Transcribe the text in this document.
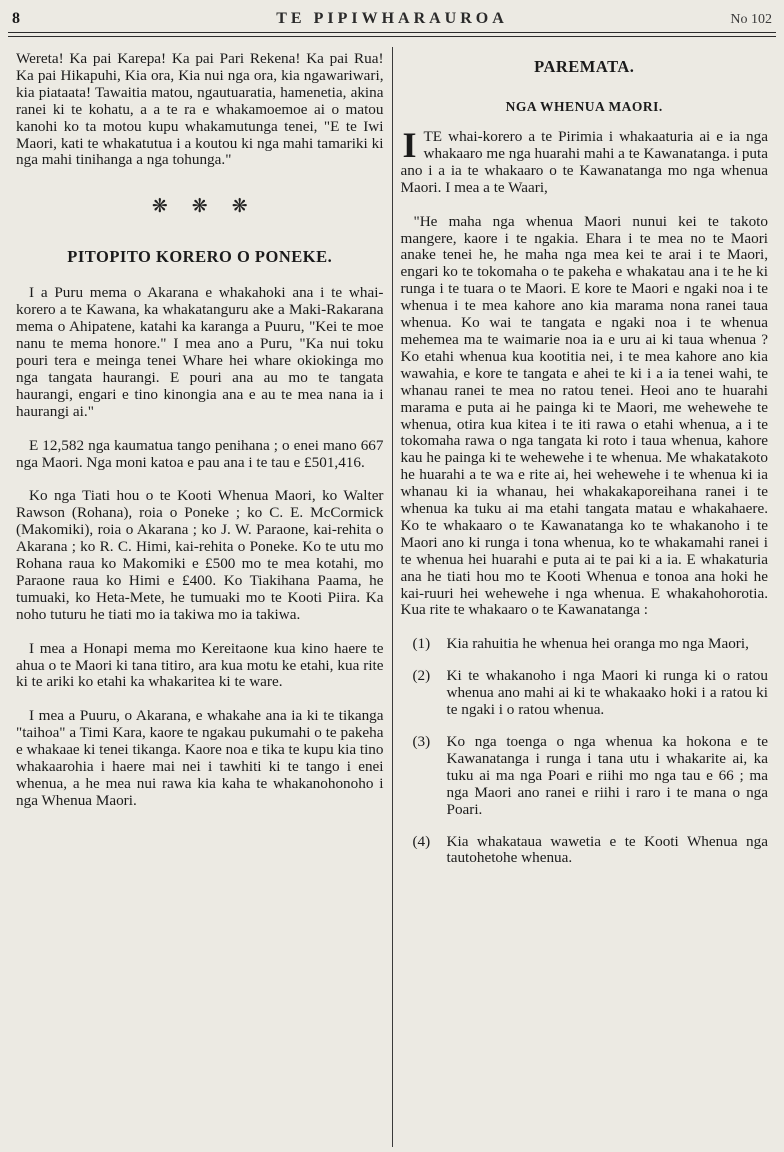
8	TE PIPIWHARAUROA	No 102

Wereta! Ka pai Karepa! Ka pai Pari Rekena! Ka pai Rua! Ka pai Hikapuhi, Kia ora, Kia nui nga ora, kia ngawariwari, kia piataata! Tawaitia matou, ngautuaratia, hamenetia, akina ranei ki te kohatu, a a te ra e whakamoemoe ai o matou kanohi ko ta motou kupu whakamutunga tenei, "E te Iwi Maori, kati te whakatutua i a koutou ki nga mahi tamariki ki nga mahi tinihanga a nga tohunga."

❋ ❋ ❋
PITOPITO KORERO O PONEKE.

I a Puru mema o Akarana e whakahoki ana i te whai-korero a te Kawana, ka whakatanguru ake a Maki-Rakarana mema o Ahipatene, katahi ka karanga a Puuru, "Kei te moe nanu te mema honore." I mea ano a Puru, "Ka nui toku pouri tera e meinga tenei Whare hei whare okiokinga mo nga tangata haurangi. E pouri ana au mo te tangata haurangi, engari e tino kinongia ana e au te mea nana ia i haurangi ai."

E 12,582 nga kaumatua tango penihana ; o enei mano 667 nga Maori. Nga moni katoa e pau ana i te tau e £501,416.

Ko nga Tiati hou o te Kooti Whenua Maori, ko Walter Rawson (Rohana), roia o Poneke ; ko C. E. McCormick (Makomiki), roia o Akarana ; ko J. W. Paraone, kai-rehita o Akarana ; ko R. C. Himi, kai-rehita o Poneke. Ko te utu mo Rohana raua ko Makomiki e £500 mo te mea kotahi, mo Paraone raua ko Himi e £400. Ko Tiakihana Paama, he tumuaki, ko Heta-Mete, he tumuaki mo te Kooti Piira. Ka noho tuturu he tiati mo ia takiwa mo ia takiwa.

I mea a Honapi mema mo Kereitaone kua kino haere te ahua o te Maori ki tana titiro, ara kua motu ke etahi, kua rite ki te ariki ko etahi ka whakaritea ki te ware.

I mea a Puuru, o Akarana, e whakahe ana ia ki te tikanga "taihoa" a Timi Kara, kaore te ngakau pukumahi o te pakeha e whakaae ki tenei tikanga. Kaore noa e tika te kupu kia tino whakaarohia i haere mai nei i tawhiti ki te tango i enei whenua, a he mea nui rawa kia kaha te whakanohonoho i nga Whenua Maori.

PAREMATA.
NGA WHENUA MAORI.

ITE whai-korero a te Pirimia i whakaaturia ai e ia nga whakaaro me nga huarahi mahi a te Kawanatanga. i puta ano i a ia te whakaaro o te Kawanatanga mo nga whenua Maori. I mea a te Waari,

"He maha nga whenua Maori nunui kei te takoto mangere, kaore i te ngakia. Ehara i te mea no te Maori anake tenei he, he maha nga mea kei te arai i te Maori, engari ko te tokomaha o te pakeha e whakatau ana i te he ki runga i te tuara o te Maori. E kore te Maori e ngaki noa i te whenua i te mea kahore ano kia marama nona ranei taua whenua. Ko wai te tangata e ngaki noa i te whenua mehemea ma te waimarie noa ia e uru ai ki taua whenua ? Ko etahi whenua kua kootitia nei, i te mea kahore ano kia wawahia, e kore te tangata e ahei te ki i a ia tenei wahi, te whanau ranei te mea no ratou tenei. Heoi ano te huarahi marama e puta ai he painga ki te Maori, me wehewehe te whenua, otira kua kitea i te iti rawa o etahi whenua, a i te tokomaha rawa o nga tangata ki roto i taua whenua, kahore kau he painga ki te wehewehe i te whenua. Me whakatakoto he huarahi a te wa e rite ai, hei wehewehe i te whenua ki ia whanau ki ia whanau, hei whakakaporeihana ranei i te whenua ka tuku ai ma etahi tangata matau e whakahaere. Ko te whakaaro o te Kawanatanga ko te whakanoho i te Maori ano ki runga i tona whenua, ko te whakamahi ranei i te whenua hei huarahi e puta ai te pai ki a ia. E whakaturia ana he tiati hou mo te Kooti Whenua e tonoa ana hoki he kai-ruuri hei wehewehe i nga whenua. E whakahohorotia. Kua rite te whakaaro o te Kawanatanga :

(1)	Kia rahuitia he whenua hei oranga mo nga Maori,
(2)	Ki te whakanoho i nga Maori ki runga ki o ratou whenua ano mahi ai ki te whakaako hoki i a ratou ki te ngaki i o ratou whenua.
(3)	Ko nga toenga o nga whenua ka hokona e te Kawanatanga i runga i tana utu i whakarite ai, ka tuku ai ma nga Poari e riihi mo nga tau e 66 ; ma nga Maori ano ranei e riihi i raro i te mana o nga Poari.
(4)	Kia whakataua wawetia e te Kooti Whenua nga tautohetohe whenua.
